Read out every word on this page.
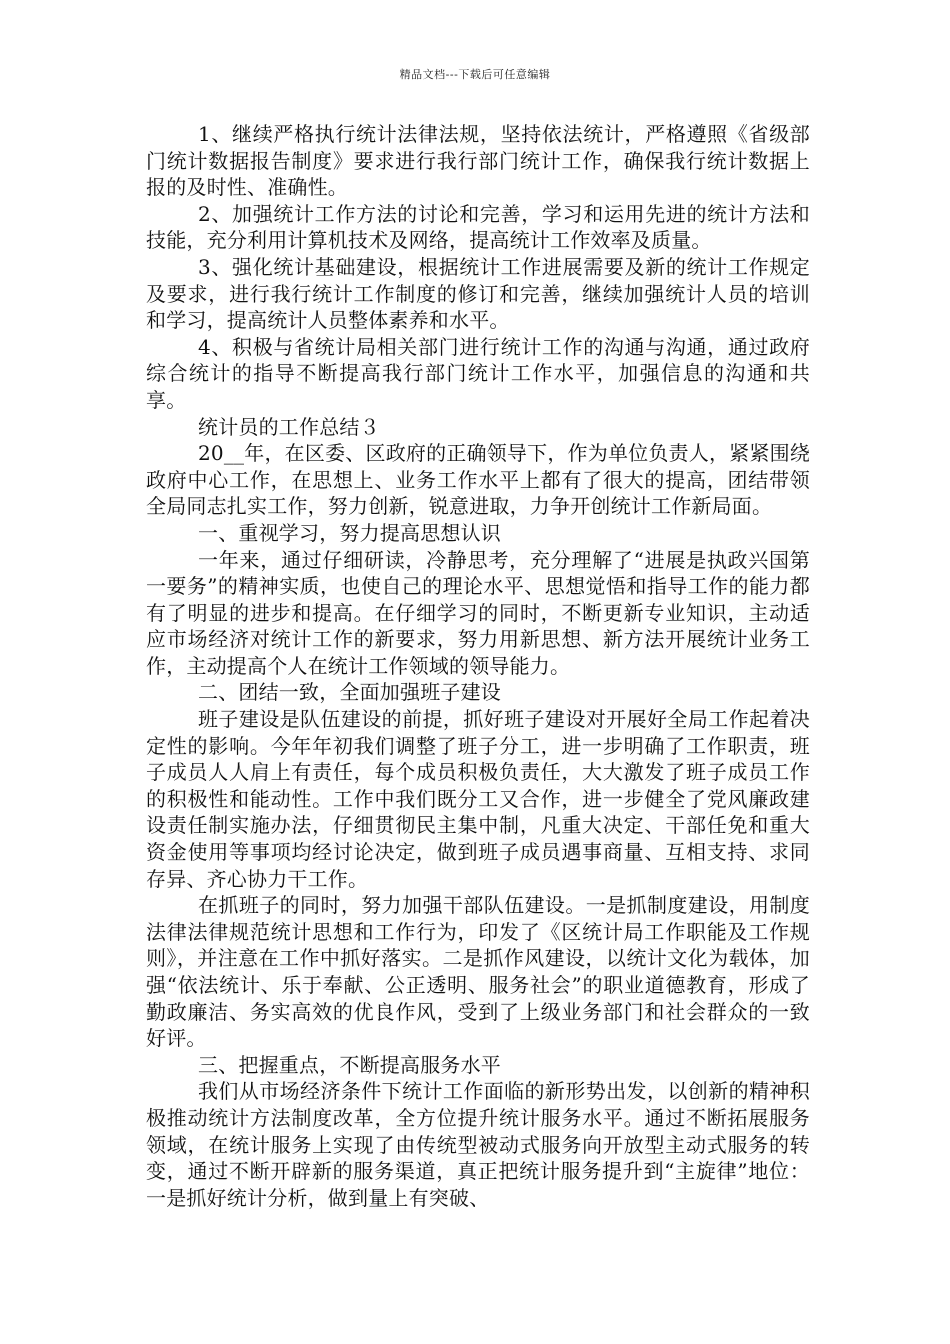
精品文档---下载后可任意编辑

1、继续严格执行统计法律法规，坚持依法统计，严格遵照《省级部门统计数据报告制度》要求进行我行部门统计工作，确保我行统计数据上报的及时性、准确性。

2、加强统计工作方法的讨论和完善，学习和运用先进的统计方法和技能，充分利用计算机技术及网络，提高统计工作效率及质量。

3、强化统计基础建设，根据统计工作进展需要及新的统计工作规定及要求，进行我行统计工作制度的修订和完善，继续加强统计人员的培训和学习，提高统计人员整体素养和水平。

4、积极与省统计局相关部门进行统计工作的沟通与沟通，通过政府综合统计的指导不断提高我行部门统计工作水平，加强信息的沟通和共享。

统计员的工作总结３

20__年，在区委、区政府的正确领导下，作为单位负责人，紧紧围绕政府中心工作，在思想上、业务工作水平上都有了很大的提高，团结带领全局同志扎实工作，努力创新，锐意进取，力争开创统计工作新局面。

一、重视学习，努力提高思想认识

一年来，通过仔细研读，冷静思考，充分理解了“进展是执政兴国第一要务”的精神实质，也使自己的理论水平、思想觉悟和指导工作的能力都有了明显的进步和提高。在仔细学习的同时，不断更新专业知识，主动适应市场经济对统计工作的新要求，努力用新思想、新方法开展统计业务工作，主动提高个人在统计工作领域的领导能力。

二、团结一致，全面加强班子建设

班子建设是队伍建设的前提，抓好班子建设对开展好全局工作起着决定性的影响。今年年初我们调整了班子分工，进一步明确了工作职责，班子成员人人肩上有责任，每个成员积极负责任，大大激发了班子成员工作的积极性和能动性。工作中我们既分工又合作，进一步健全了党风廉政建设责任制实施办法，仔细贯彻民主集中制，凡重大决定、干部任免和重大资金使用等事项均经讨论决定，做到班子成员遇事商量、互相支持、求同存异、齐心协力干工作。

在抓班子的同时，努力加强干部队伍建设。一是抓制度建设，用制度法律法律规范统计思想和工作行为，印发了《区统计局工作职能及工作规则》，并注意在工作中抓好落实。二是抓作风建设，以统计文化为载体，加强“依法统计、乐于奉献、公正透明、服务社会”的职业道德教育，形成了勤政廉洁、务实高效的优良作风，受到了上级业务部门和社会群众的一致好评。

三、把握重点，不断提高服务水平

我们从市场经济条件下统计工作面临的新形势出发，以创新的精神积极推动统计方法制度改革，全方位提升统计服务水平。通过不断拓展服务领域，在统计服务上实现了由传统型被动式服务向开放型主动式服务的转变，通过不断开辟新的服务渠道，真正把统计服务提升到“主旋律”地位：一是抓好统计分析，做到量上有突破、
